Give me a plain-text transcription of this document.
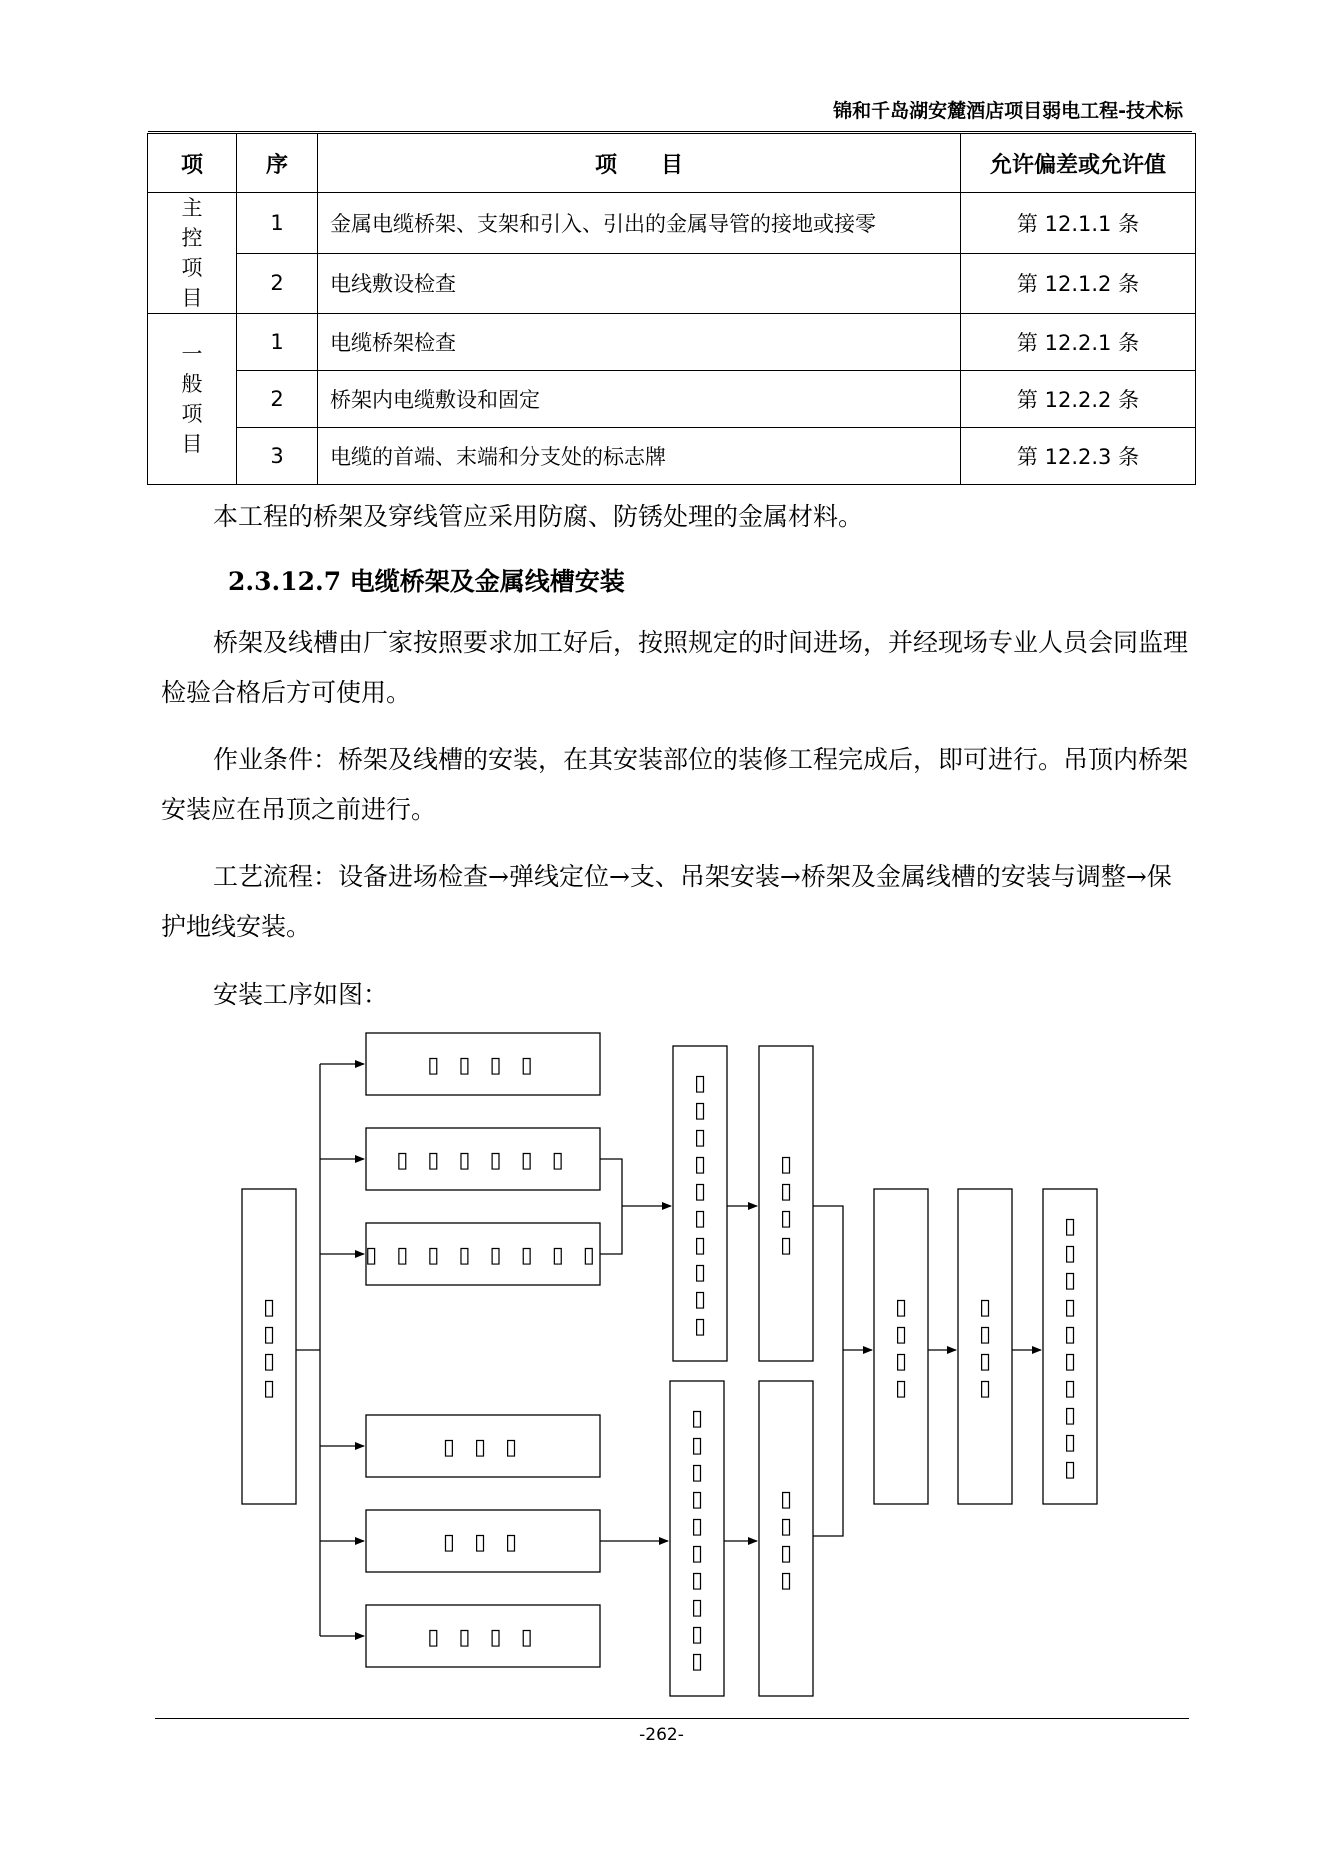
锦和千岛湖安麓酒店项目弱电工程-技术标
项	序	项　　目	允许偏差或允许值

主
控
项
目	1	金属电缆桥架、支架和引入、引出的金属导管的接地或接零	第 12.1.1 条
	2	电线敷设检查	第 12.1.2 条

一
般
项
目	1	电缆桥架检查	第 12.2.1 条
	2	桥架内电缆敷设和固定	第 12.2.2 条
	3	电缆的首端、末端和分支处的标志牌	第 12.2.3 条
本工程的桥架及穿线管应采用防腐、防锈处理的金属材料。
2.3.12.7 电缆桥架及金属线槽安装
桥架及线槽由厂家按照要求加工好后，按照规定的时间进场，并经现场专业人员会同监理检验合格后方可使用。
作业条件：桥架及线槽的安装，在其安装部位的装修工程完成后，即可进行。吊顶内桥架安装应在吊顶之前进行。
工艺流程：设备进场检查→弹线定位→支、吊架安装→桥架及金属线槽的安装与调整→保护地线安装。
安装工序如图：
▯ ▯ ▯ ▯
▯ ▯ ▯ ▯
▯ ▯ ▯ ▯ ▯ ▯
▯ ▯ ▯ ▯ ▯ ▯ ▯ ▯
▯ ▯ ▯
▯ ▯ ▯
▯ ▯ ▯ ▯
▯ ▯ ▯ ▯ ▯ ▯ ▯ ▯ ▯ ▯
▯ ▯ ▯ ▯
▯ ▯ ▯ ▯ ▯ ▯ ▯ ▯ ▯ ▯
▯ ▯ ▯ ▯
▯ ▯ ▯ ▯
▯ ▯ ▯ ▯
▯ ▯ ▯ ▯ ▯ ▯ ▯ ▯ ▯ ▯
-262-
